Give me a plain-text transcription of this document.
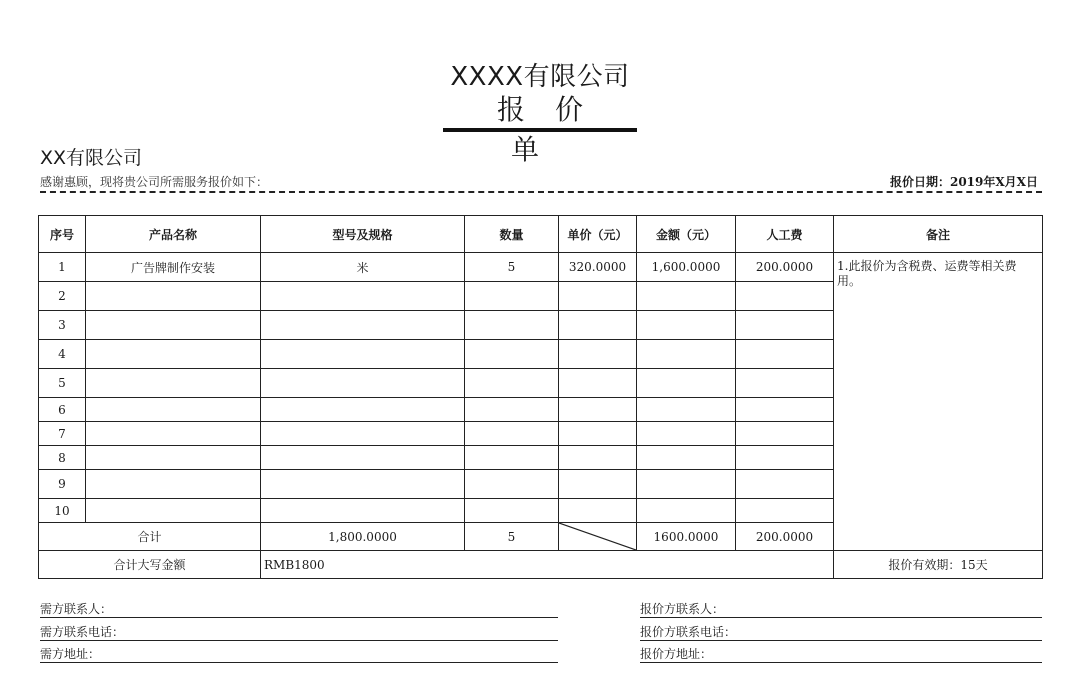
XXXX有限公司
报价单
XX有限公司
感谢惠顾，现将贵公司所需服务报价如下：	报价日期：2019年X月X日
序号	产品名称	型号及规格	数量	单价（元）	金额（元）	人工费	备注
1	广告牌制作安装	米	5	320.0000	1,600.0000	200.0000	1.此报价为含税费、运费等相关费用。
2							
3							
4							
5							
6							
7							
8							
9							
10							
合计		1,800.0000	5		1600.0000	200.0000	
合计大写金额		RMB1800					报价有效期：15天
需方联系人：
需方联系电话：
需方地址：
报价方联系人：
报价方联系电话：
报价方地址：
